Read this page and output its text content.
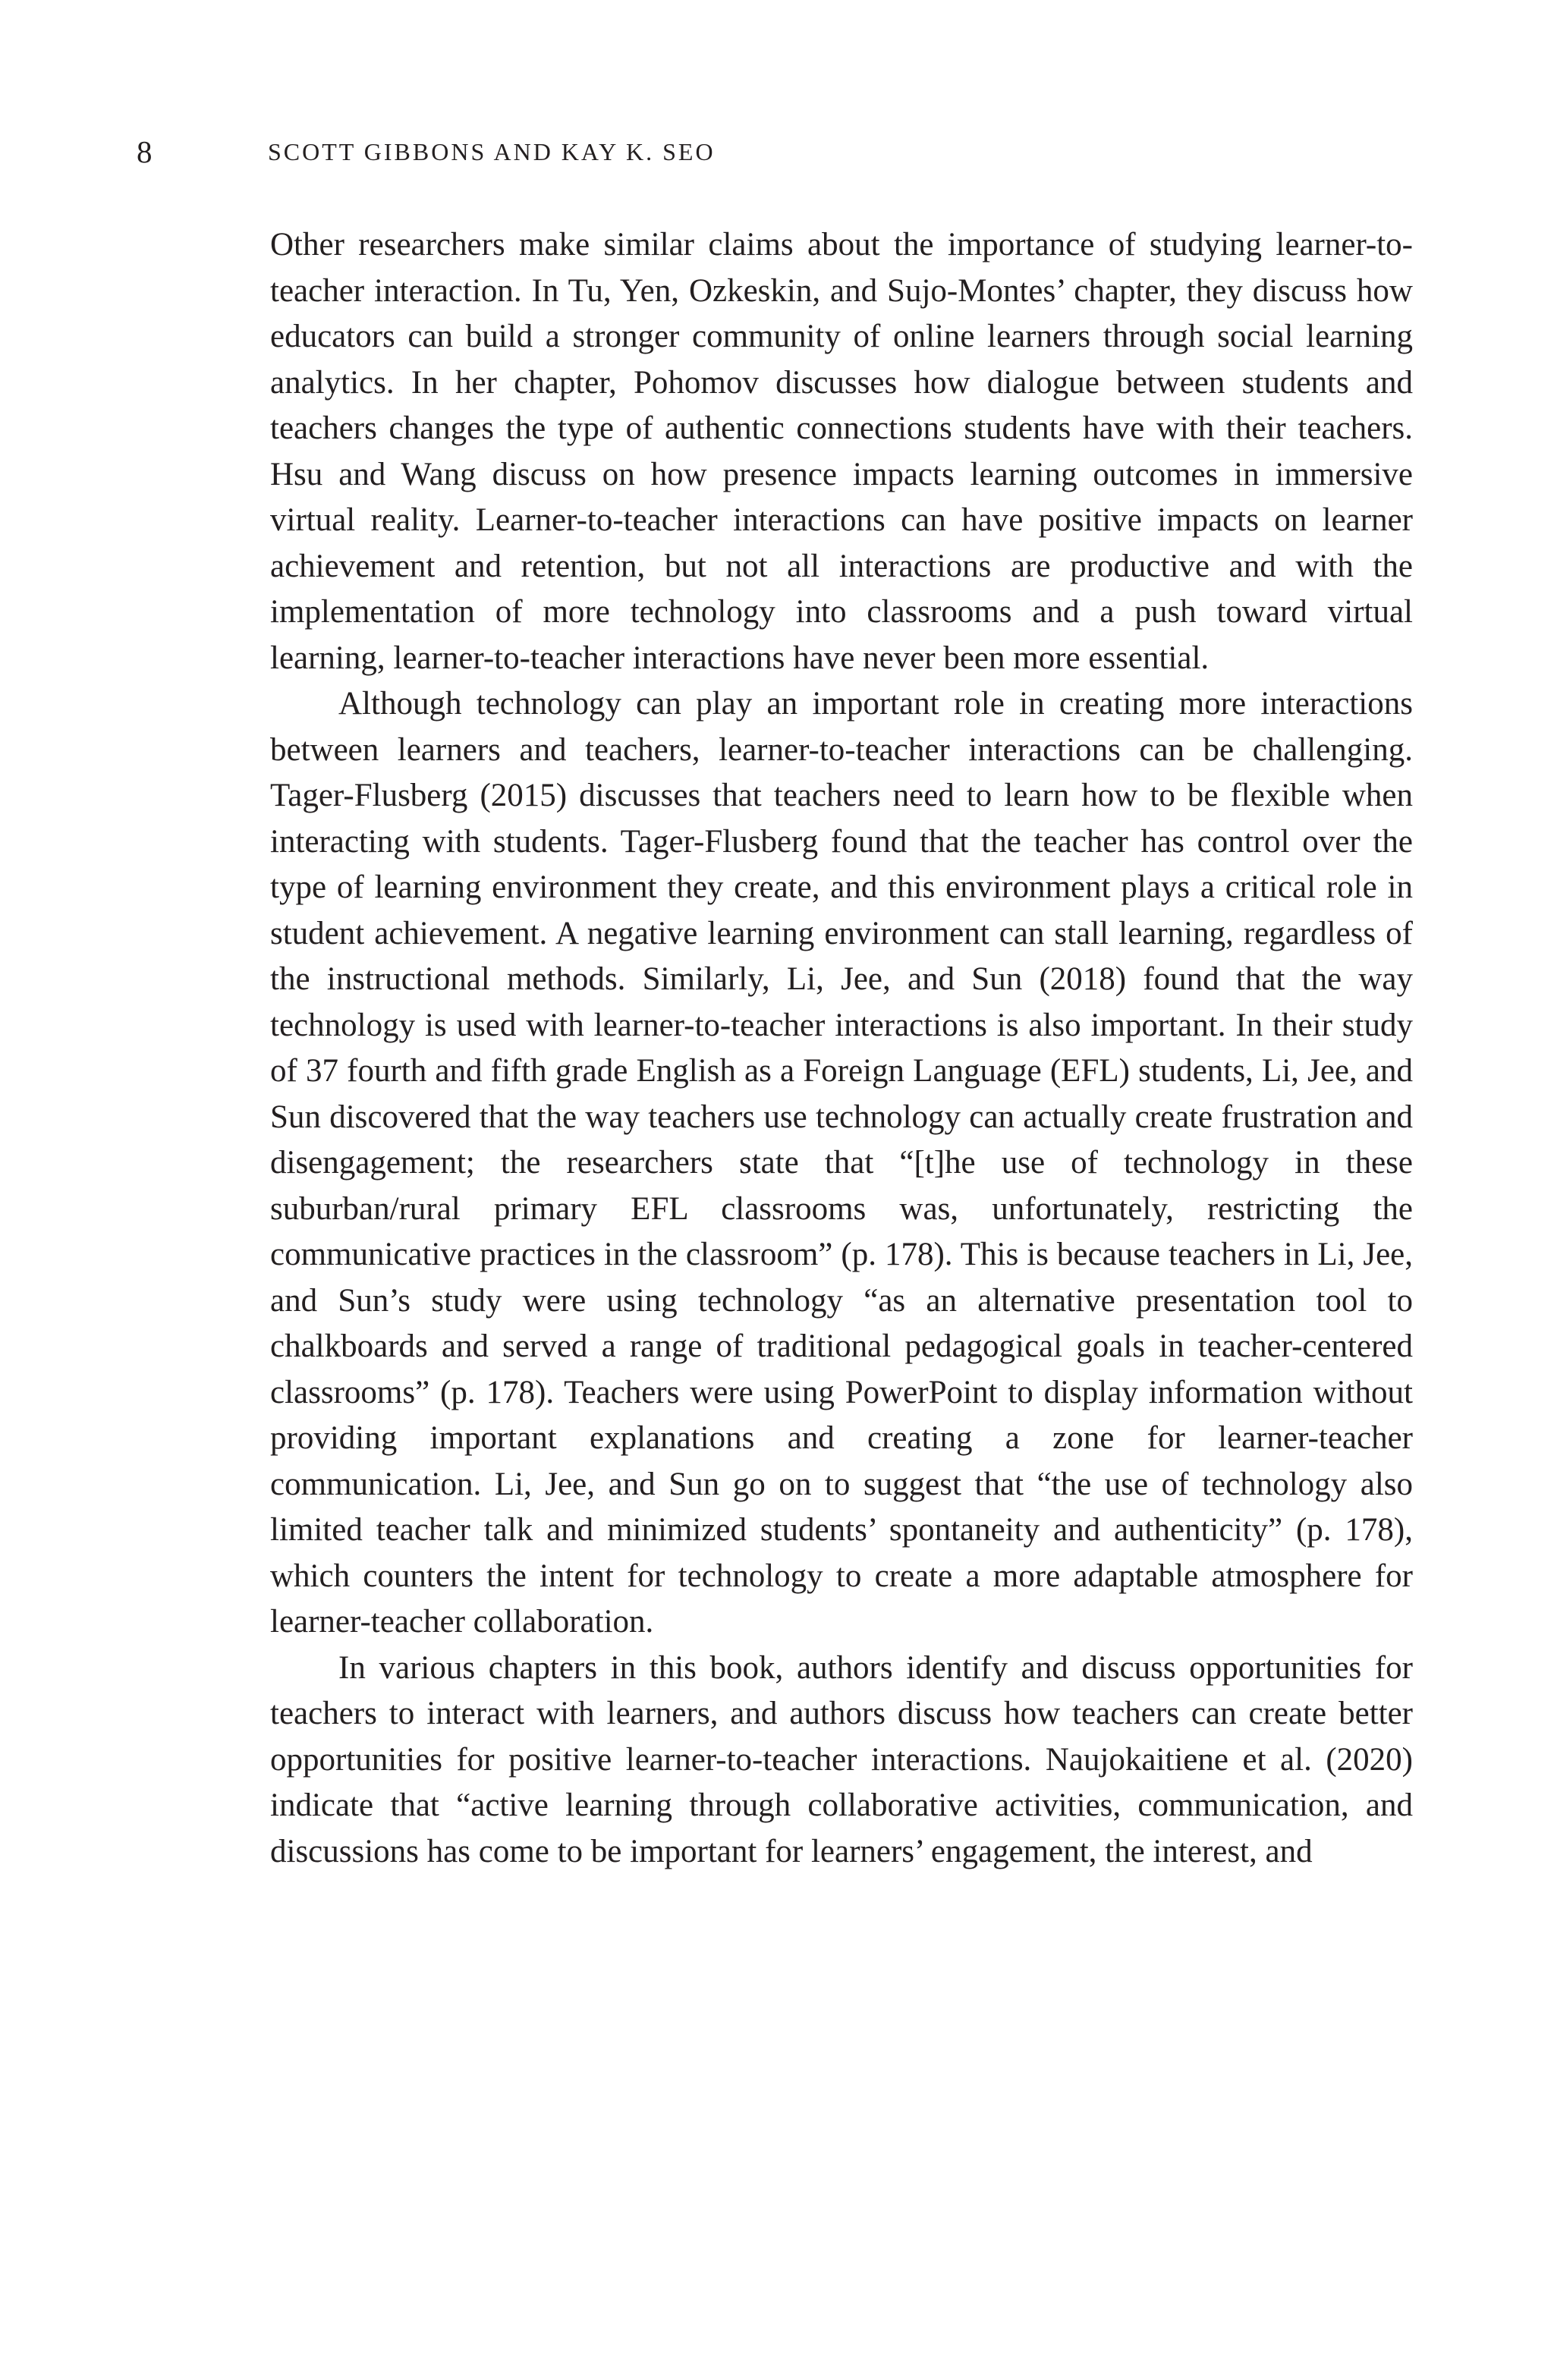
8	SCOTT GIBBONS AND KAY K. SEO

Other researchers make similar claims about the importance of studying learner-to-teacher interaction. In Tu, Yen, Ozkeskin, and Sujo-Montes’ chapter, they discuss how educators can build a stronger community of online learners through social learning analytics. In her chapter, Pohomov discusses how dialogue between students and teachers changes the type of authentic connections students have with their teachers. Hsu and Wang discuss on how presence impacts learning outcomes in immersive virtual reality. Learner-to-teacher interactions can have positive impacts on learner achievement and retention, but not all interactions are productive and with the implementation of more technology into classrooms and a push toward virtual learning, learner-to-teacher interactions have never been more essential.

Although technology can play an important role in creating more interactions between learners and teachers, learner-to-teacher interactions can be challenging. Tager-Flusberg (2015) discusses that teachers need to learn how to be flexible when interacting with students. Tager-Flusberg found that the teacher has control over the type of learning environment they create, and this environment plays a critical role in student achievement. A negative learning environment can stall learning, regardless of the instructional methods. Similarly, Li, Jee, and Sun (2018) found that the way technology is used with learner-to-teacher interactions is also important. In their study of 37 fourth and fifth grade English as a Foreign Language (EFL) students, Li, Jee, and Sun discovered that the way teachers use technology can actually create frustration and disengagement; the researchers state that “[t]he use of technology in these suburban/rural primary EFL classrooms was, unfortunately, restricting the communicative practices in the classroom” (p. 178). This is because teachers in Li, Jee, and Sun’s study were using technology “as an alternative presentation tool to chalkboards and served a range of traditional pedagogical goals in teacher-centered classrooms” (p. 178). Teachers were using PowerPoint to display information without providing important explanations and creating a zone for learner-teacher communication. Li, Jee, and Sun go on to suggest that “the use of technology also limited teacher talk and minimized students’ spontaneity and authenticity” (p. 178), which counters the intent for technology to create a more adaptable atmosphere for learner-teacher collaboration.

In various chapters in this book, authors identify and discuss opportunities for teachers to interact with learners, and authors discuss how teachers can create better opportunities for positive learner-to-teacher interactions. Naujokaitiene et al. (2020) indicate that “active learning through collaborative activities, communication, and discussions has come to be important for learners’ engagement, the interest, and
